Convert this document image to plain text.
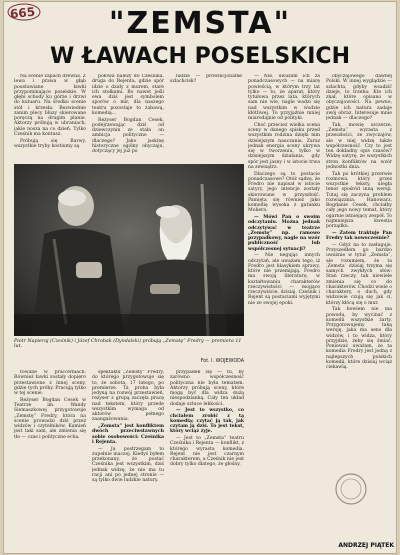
665	"ZEMSTA"
W ŁAWACH POSELSKICH

Na scenie zapach drewna. Z lewa i prawa w głąb poustawiane ławki przypominające poselskie. W głębi schody ku górze i drzwi do kuluaru. Na środku scenie stół i krzesła. Bezwiednie zanim plecy bluzy skierowane poręczą na drugim planie. Aktorzy próbują w ubraniach, jakie nosza na co dzień. Tylko Cześnik ma kontusz.

Próbują się Barwy, wszystkie tryby kostiumy są

połowa należy do Cześnika, druga do Rejenta, gdzie spór idzie o dzidy z murem, stare ich stołkami. Bo nawet jeśli ewa dziś jest symbolem sporów o mir, dla naszego teatru pozostaje to zabawą, komedią...

Reżyser Bogdan Cesek, podejrzewając dziś od dziewczynin ze stała on ambicja polityczne — dlaczego? Jako jaskinę historyczne ogólny obyczaju, dotyczący jej już po

ludzie — prowincjonalne szlachcisk?

— Nie, uważam ich za ponadczasowych — na miarę powieścią, w którym trzy lat tylko — to, że aparat, który tytułowa przez lata, których sam nie wie, nagle wadzi się nad wszystkim w wodzie kłótliwej. To przyjaźnie mniej miarodajnie od polityki.

Choć przecież wielka scena sceny w danego spisku przed wszystkim rodzina dzięki nim dzisiejszym nauczania. Zaraz jednak energia sceny ukrywa się w tworzeniu, tylko w dzisiejszym działania, gdy spór jest jasny i w istocie trwa na zewnątrz.

Dlaczego są to postacie ponadczasowe? Otóż sądzę, że Fredro nie napisał w istocie satyry, jego intencje zostały skierowane w przyszłość. Pamięta się również jako komedię wysoka z gatunku Moliera.

— Mówi Pan o swoim odczytaniu. Można jednak odczytywać w teatrze „Zemstę” np. ramowo przypadkowy, nagle na wzór publiczność lub współczesnej sytuacji?

— Nie negując innych odczytań, ale uważam tego, iż Fredro jest klasykiem sprawy, które nie przemijają. Fredro ma swoją literaturę, w kształtowaniu charakterów rzeczywistości — mogące rzeczywiście, dzisiaj. Cześnik i Rejent są postaciami wyjętymi nie ze swojej epoki.

obyczajowego dawnej Polski. W innej wyglądzie — szlachta, gdyby wsadzić dzieje, to trzeba: Kto ich znał, które opisano w obyczajowości. Na pewno, gdzie ich natura zadaje swój obraz. Interesuje mnie jednak — dlaczego?

Tak, mowię szczerze, „Zemsta” wyrasta z przeszłości, ze zwyczajów, ale w niej widzę także współczesność. Czy to jest ten dokładny opis czasów? Widzę satyrę, ze wszystkich stron konfliktów na wzór jednostki dnia.

Tak po krótkiej przerwie rozmowa, który przez wszystkie teksty, uległa tenor spośród inną wersji. Tutaj się zaczyna problem rozwiązania. Hanowarz, Bogdanie Cesek, chciałby cały jego nowy temat, który ogarnie istniejący zespół. To najmniejsza kwestia porządku.

— Zatem traktuje Pan Fredry tak nowocześnie?

— Gdyż na to zasługuje. Przyszedłem go bardzo uważnie w tytuł „Zemsta”, ale rozumiem, że ta ,Zemsta’ dzisiaj trzyma się samych zwykłych słów: Stan rzeczy, tak niewiele zmienia się co do charakterów. Chodzi wiele o charaktery, o duch, gdy widzowie czują się jak ci, którzy kłócą się o mur.

Tak bowiem nie ma powodu, by wycinać z komedii wszystkie żarty. Przygotowujemy taką wersję, jaka ma sens dla widzów, i to widza, który przyjdzie, żeby się śmiać. Ponieważ uważam, że ta komedia Fredry jest jedną z najlepszych polskich komedii, które dzisiaj wciąż ciekawią.

Piotr Napieraj (Cześnik) i Józef Chrobak (Dyndalski) próbują „Zemstę” Fredry — premiera 11 lut.
Fot. I. WOJEWODA

towane w pracowniach. Również ławki zostały dopiero przestawione z innej sceny, gdzie tych próby. Pracują tylko w tej scenie.

Reżyser Bogdan Cesek w Teatrze im. Wandy Siemaszkowej przygotowuje „Zemstę” Fredry, która na scenie prowadzi dziś przez widzów i czytelników. Kamień jest taki sam, ale zmienia się tło — czas i polityczne echa.

spektaklu „Zemsty” Fredry, do którego przygotowuje się to, że sobota, 17 lutego, po premierze. Ta proba była jedyną na rozwój przestawień, reżyser z grupą zaczęła pracę nad tekstem, który przede wszystkim wymaga od aktorów pełnego zaangażowania.

„Zemsta” jest konfliktem dwóch przeciwstawnych sobie osobowości: Cześnika i Rejenta.

— Ja postrzegam to zupełnie inaczej. Kiedyś byłem przekonany, że postać Cześnika jest wszystkim, dziś jednak widzę, że nie ma tu racji ani po jednej stronie — są tylko dwie ludzkie natury.

przypadek się — tu, by zarówno współczesność polityczna nie była tematem. Aktorzy próbują sceny, które mogą być dla widza dużą niespodzianką. Cały ten układ dodaje sztuce lekkości.

— Jest to wszystko, co chciałem zrobić z tą komedią; czytać ją tak, jak czytam ją dziś. To jest tekst, który wciąż żyje.

— Jest to „Zemsta” teatru Cześnika i Rejenta — konflikt, z którego wyrasta komedia. Rejent nie jest czarnym charakterem, a Cześnik nie jest dobry tylko dlatego, że głośny.

ANDRZEJ PIĄTEK
